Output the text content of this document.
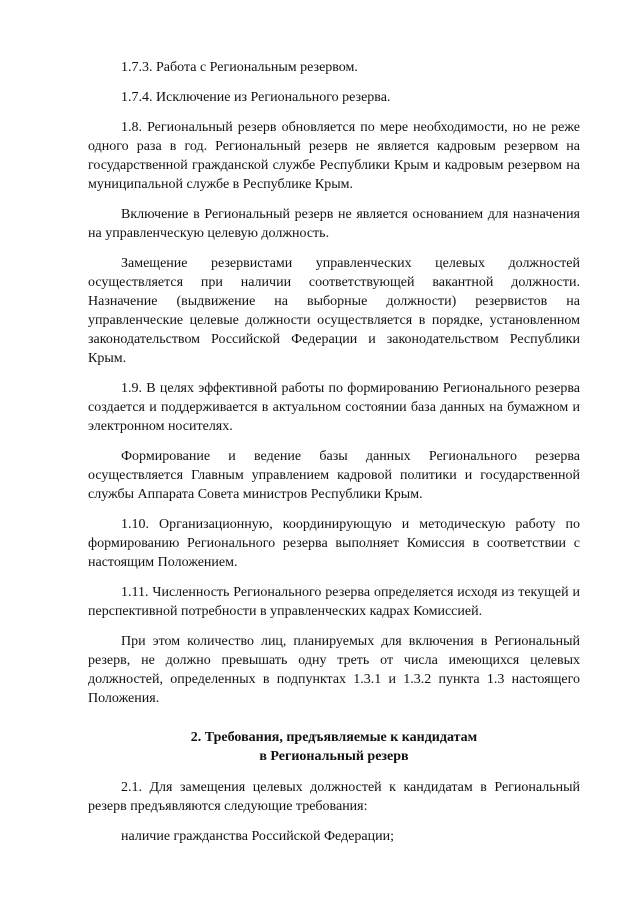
1.7.3. Работа с Региональным резервом.

1.7.4. Исключение из Регионального резерва.

1.8. Региональный резерв обновляется по мере необходимости, но не реже одного раза в год. Региональный резерв не является кадровым резервом на государственной гражданской службе Республики Крым и кадровым резервом на муниципальной службе в Республике Крым.

Включение в Региональный резерв не является основанием для назначения на управленческую целевую должность.

Замещение резервистами управленческих целевых должностей осуществляется при наличии соответствующей вакантной должности. Назначение (выдвижение на выборные должности) резервистов на управленческие целевые должности осуществляется в порядке, установленном законодательством Российской Федерации и законодательством Республики Крым.

1.9. В целях эффективной работы по формированию Регионального резерва создается и поддерживается в актуальном состоянии база данных на бумажном и электронном носителях.

Формирование и ведение базы данных Регионального резерва осуществляется Главным управлением кадровой политики и государственной службы Аппарата Совета министров Республики Крым.

1.10. Организационную, координирующую и методическую работу по формированию Регионального резерва выполняет Комиссия в соответствии с настоящим Положением.

1.11. Численность Регионального резерва определяется исходя из текущей и перспективной потребности в управленческих кадрах Комиссией.

При этом количество лиц, планируемых для включения в Региональный резерв, не должно превышать одну треть от числа имеющихся целевых должностей, определенных в подпунктах 1.3.1 и 1.3.2 пункта 1.3 настоящего Положения.

2. Требования, предъявляемые к кандидатам
в Региональный резерв

2.1. Для замещения целевых должностей к кандидатам в Региональный резерв предъявляются следующие требования:

наличие гражданства Российской Федерации;
